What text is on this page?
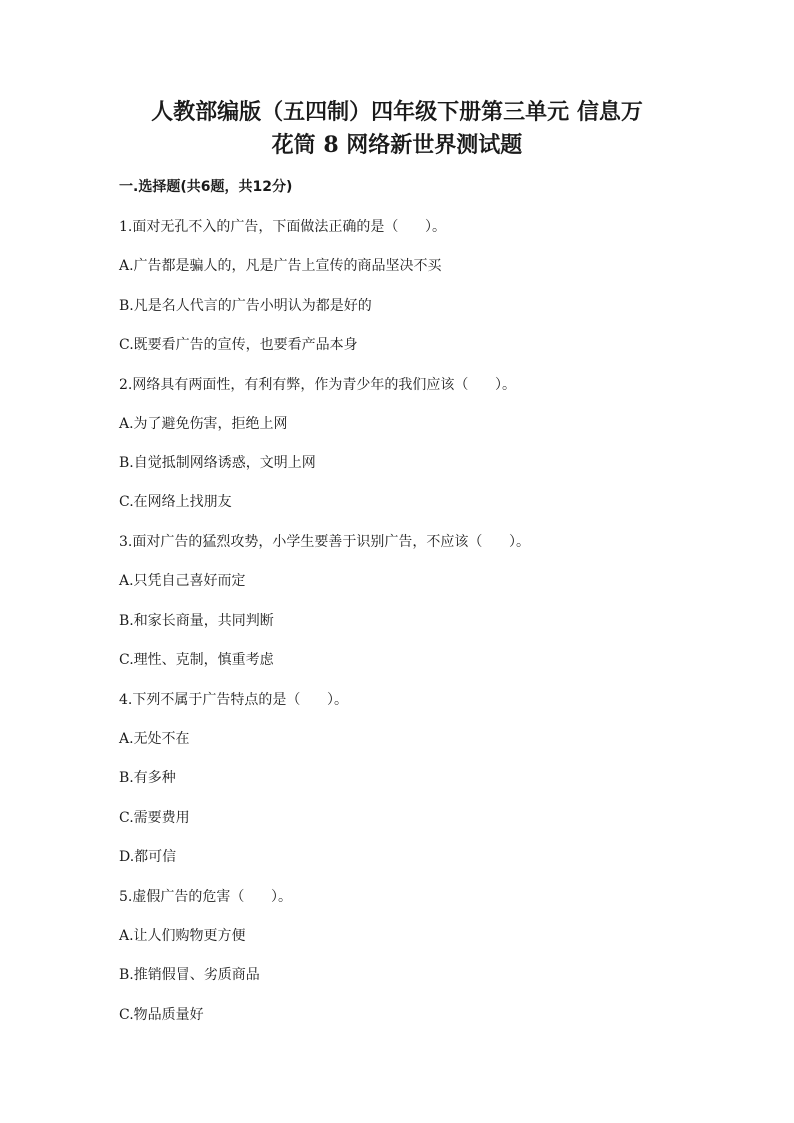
人教部编版（五四制）四年级下册第三单元 信息万
花筒 8 网络新世界测试题
一.选择题(共6题，共12分)
1.面对无孔不入的广告，下面做法正确的是（      ）。
A.广告都是骗人的，凡是广告上宣传的商品坚决不买
B.凡是名人代言的广告小明认为都是好的
C.既要看广告的宣传，也要看产品本身
2.网络具有两面性，有利有弊，作为青少年的我们应该（      ）。
A.为了避免伤害，拒绝上网
B.自觉抵制网络诱惑，文明上网
C.在网络上找朋友
3.面对广告的猛烈攻势，小学生要善于识别广告，不应该（      ）。
A.只凭自己喜好而定
B.和家长商量，共同判断
C.理性、克制，慎重考虑
4.下列不属于广告特点的是（      ）。
A.无处不在
B.有多种
C.需要费用
D.都可信
5.虚假广告的危害（      ）。
A.让人们购物更方便
B.推销假冒、劣质商品
C.物品质量好
